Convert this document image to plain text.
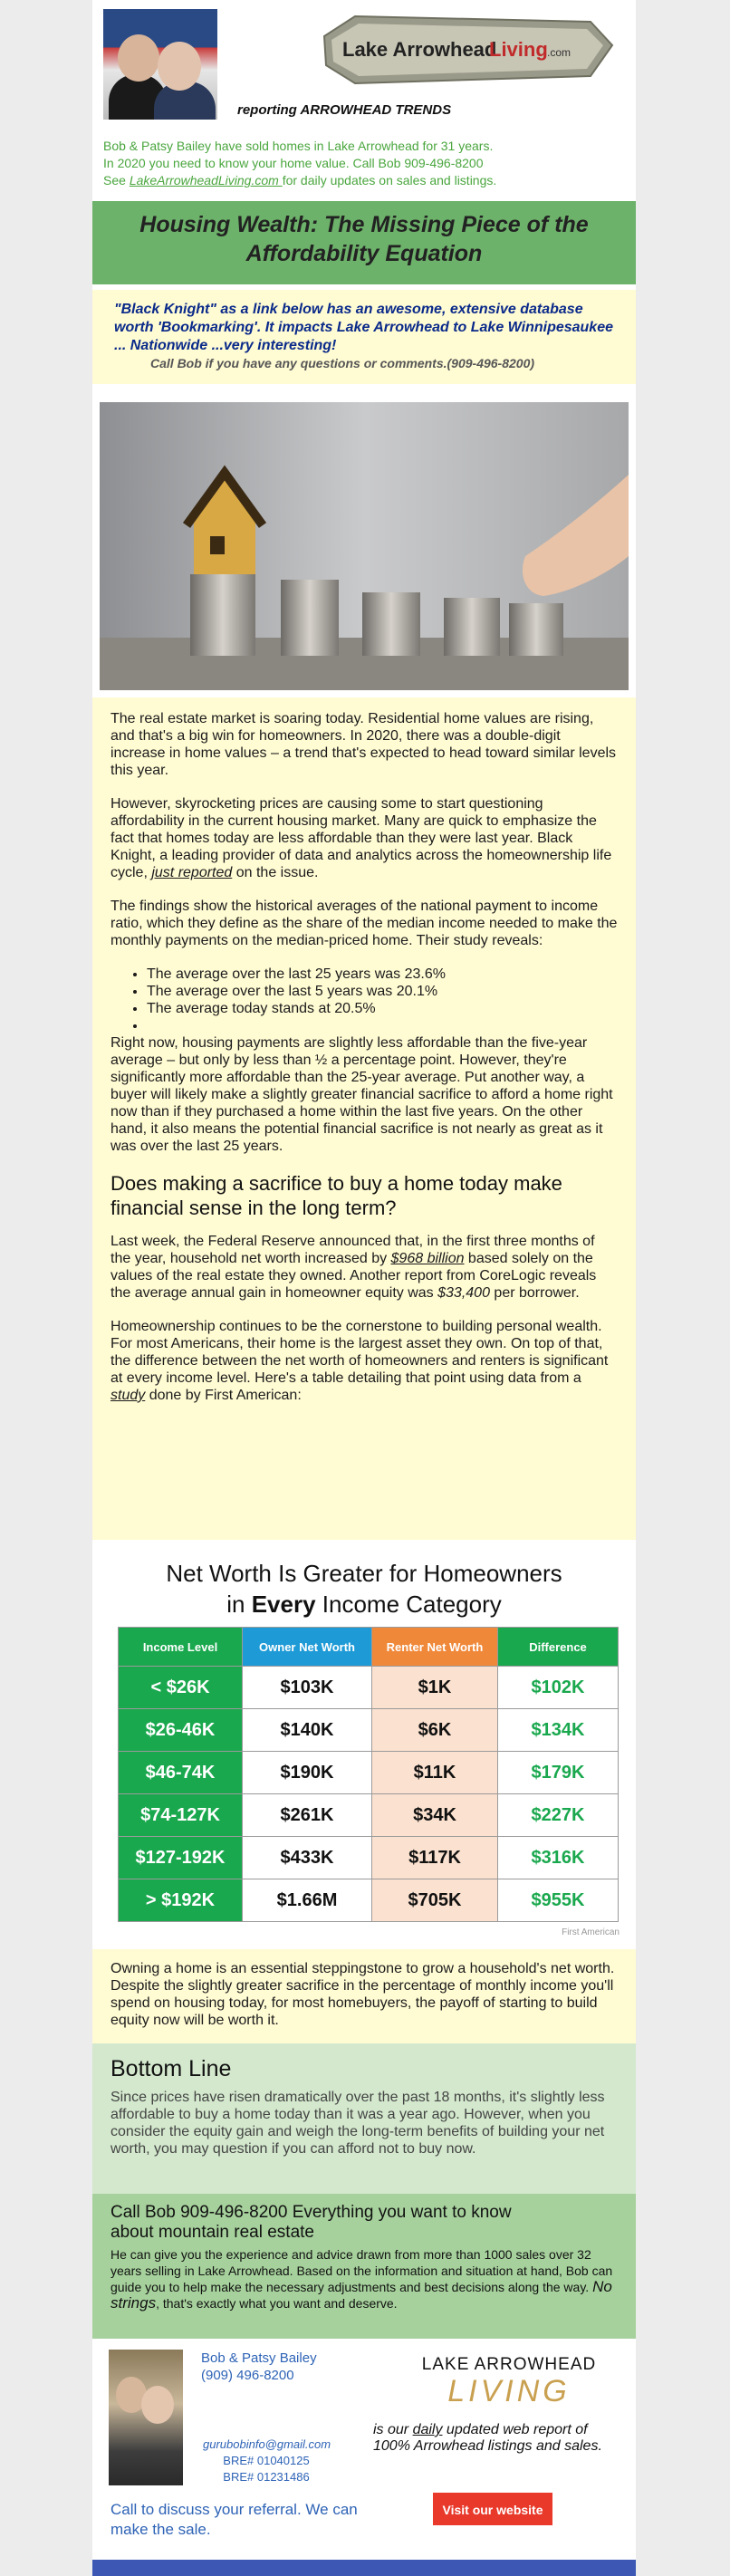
Lake Arrowhead
Living .com
reporting ARROWHEAD TRENDS
Bob & Patsy Bailey have sold homes in Lake Arrowhead for 31 years.
In 2020 you need to know your home value. Call Bob 909-496-8200
See LakeArrowheadLiving.com for daily updates on sales and listings.
Housing Wealth: The Missing Piece of the Affordability Equation
"Black Knight" as a link below has an awesome, extensive database worth 'Bookmarking'. It impacts Lake Arrowhead to Lake Winnipesaukee ... Nationwide ...very interesting!
Call Bob if you have any questions or comments.(909-496-8200)

The real estate market is soaring today. Residential home values are rising, and that's a big win for homeowners. In 2020, there was a double-digit increase in home values – a trend that's expected to head toward similar levels this year.

However, skyrocketing prices are causing some to start questioning affordability in the current housing market. Many are quick to emphasize the fact that homes today are less affordable than they were last year. Black Knight, a leading provider of data and analytics across the homeownership life cycle, just reported on the issue.

The findings show the historical averages of the national payment to income ratio, which they define as the share of the median income needed to make the monthly payments on the median-priced home. Their study reveals:

• The average over the last 25 years was 23.6%
• The average over the last 5 years was 20.1%
• The average today stands at 20.5%
•

Right now, housing payments are slightly less affordable than the five-year average – but only by less than ½ a percentage point. However, they're significantly more affordable than the 25-year average. Put another way, a buyer will likely make a slightly greater financial sacrifice to afford a home right now than if they purchased a home within the last five years. On the other hand, it also means the potential financial sacrifice is not nearly as great as it was over the last 25 years.

Does making a sacrifice to buy a home today make financial sense in the long term?

Last week, the Federal Reserve announced that, in the first three months of the year, household net worth increased by $968 billion based solely on the values of the real estate they owned. Another report from CoreLogic reveals the average annual gain in homeowner equity was $33,400 per borrower.

Homeownership continues to be the cornerstone to building personal wealth. For most Americans, their home is the largest asset they own. On top of that, the difference between the net worth of homeowners and renters is significant at every income level. Here's a table detailing that point using data from a study done by First American:

Net Worth Is Greater for Homeowners
in Every Income Category
Income Level	Owner Net Worth	Renter Net Worth	Difference
< $26K	$103K	$1K	$102K
$26-46K	$140K	$6K	$134K
$46-74K	$190K	$11K	$179K
$74-127K	$261K	$34K	$227K
$127-192K	$433K	$117K	$316K
> $192K	$1.66M	$705K	$955K
First American
Owning a home is an essential steppingstone to grow a household's net worth. Despite the slightly greater sacrifice in the percentage of monthly income you'll spend on housing today, for most homebuyers, the payoff of starting to build equity now will be worth it.
Bottom Line

Since prices have risen dramatically over the past 18 months, it's slightly less affordable to buy a home today than it was a year ago. However, when you consider the equity gain and weigh the long-term benefits of building your net worth, you may question if you can afford not to buy now.

Call Bob 909-496-8200 Everything you want to know
about mountain real estate

He can give you the experience and advice drawn from more than 1000 sales over 32 years selling in Lake Arrowhead. Based on the information and situation at hand, Bob can guide you to help make the necessary adjustments and best decisions along the way. No strings, that's exactly what you want and deserve.

Bob & Patsy Bailey
(909) 496-8200
gurubobinfo@gmail.com
BRE# 01040125
BRE# 01231486
Call to discuss your referral. We can make the sale.
LAKE ARROWHEAD
LIVING
is our daily updated web report of 100% Arrowhead listings and sales.
Visit our website
